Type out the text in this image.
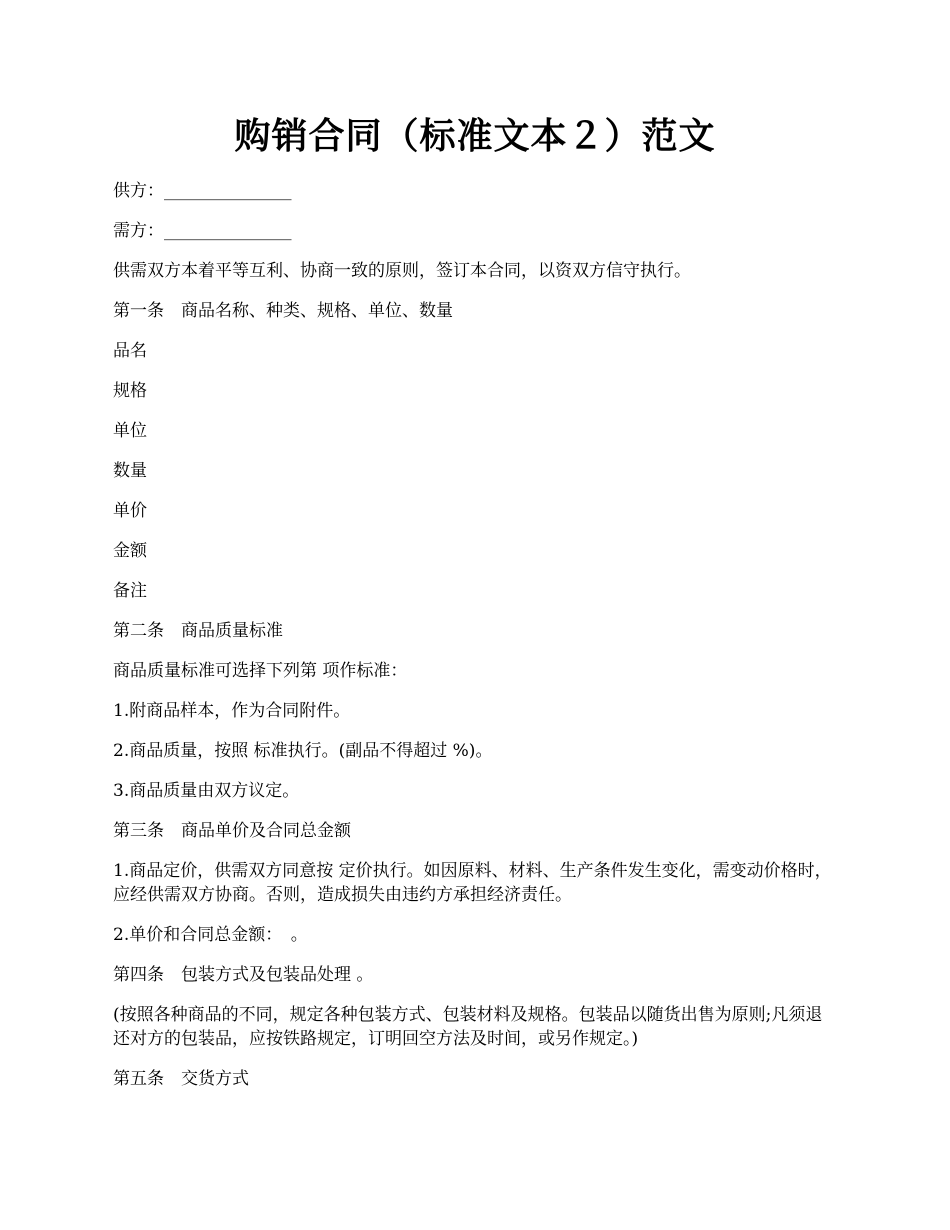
购销合同（标准文本２）范文

供方：_______________

需方：_______________

供需双方本着平等互利、协商一致的原则，签订本合同，以资双方信守执行。

第一条　商品名称、种类、规格、单位、数量

品名

规格

单位

数量

单价

金额

备注

第二条　商品质量标准

商品质量标准可选择下列第 项作标准：

1.附商品样本，作为合同附件。

2.商品质量，按照 标准执行。(副品不得超过 %)。

3.商品质量由双方议定。

第三条　商品单价及合同总金额

1.商品定价，供需双方同意按 定价执行。如因原料、材料、生产条件发生变化，需变动价格时，应经供需双方协商。否则，造成损失由违约方承担经济责任。

2.单价和合同总金额：　。

第四条　包装方式及包装品处理 。

(按照各种商品的不同，规定各种包装方式、包装材料及规格。包装品以随货出售为原则;凡须退还对方的包装品，应按铁路规定，订明回空方法及时间，或另作规定。)

第五条　交货方式
